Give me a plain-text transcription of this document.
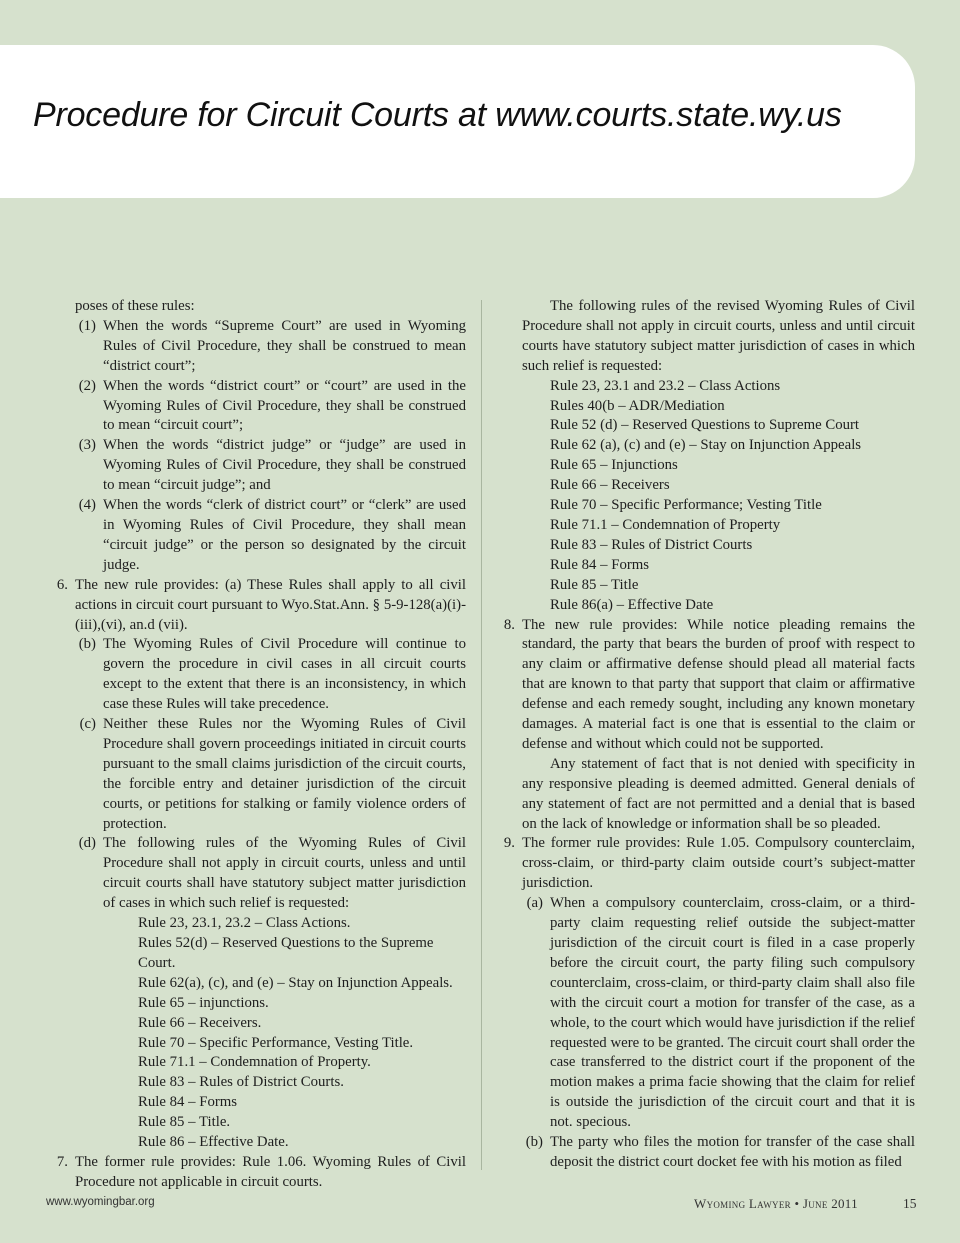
Procedure for Circuit Courts at www.courts.state.wy.us

poses of these rules:

(1) When the words “Supreme Court” are used in Wyoming Rules of Civil Procedure, they shall be construed to mean “district court”;
(2) When the words “district court” or “court” are used in the Wyoming Rules of Civil Procedure, they shall be construed to mean “circuit court”;
(3) When the words “district judge” or “judge” are used in Wyoming Rules of Civil Procedure, they shall be construed to mean “circuit judge”; and
(4) When the words “clerk of district court” or “clerk” are used in Wyoming Rules of Civil Procedure, they shall mean “circuit judge” or the person so designated by the circuit judge.
6. The new rule provides: (a) These Rules shall apply to all civil actions in circuit court pursuant to Wyo.Stat.Ann. § 5-9-128(a)(i)-(iii),(vi), an.d (vii).
(b) The Wyoming Rules of Civil Procedure will continue to govern the procedure in civil cases in all circuit courts except to the extent that there is an inconsistency, in which case these Rules will take precedence.
(c) Neither these Rules nor the Wyoming Rules of Civil Procedure shall govern proceedings initiated in circuit courts pursuant to the small claims jurisdiction of the circuit courts, the forcible entry and detainer jurisdiction of the circuit courts, or petitions for stalking or family violence orders of protection.
(d) The following rules of the Wyoming Rules of Civil Procedure shall not apply in circuit courts, unless and until circuit courts shall have statutory subject matter jurisdiction of cases in which such relief is requested:

Rule 23, 23.1, 23.2 – Class Actions.

Rules 52(d) – Reserved Questions to the Supreme Court.

Rule 62(a), (c), and (e) – Stay on Injunction Appeals.

Rule 65 – injunctions.

Rule 66 – Receivers.

Rule 70 – Specific Performance, Vesting Title.

Rule 71.1 – Condemnation of Property.

Rule 83 – Rules of District Courts.

Rule 84 – Forms

Rule 85 – Title.

Rule 86 – Effective Date.

7. The former rule provides: Rule 1.06. Wyoming Rules of Civil Procedure not applicable in circuit courts.

The following rules of the revised Wyoming Rules of Civil Procedure shall not apply in circuit courts, unless and until circuit courts have statutory subject matter jurisdiction of cases in which such relief is requested:

Rule 23, 23.1 and 23.2 – Class Actions

Rules 40(b – ADR/Mediation

Rule 52 (d) – Reserved Questions to Supreme Court

Rule 62 (a), (c) and (e) – Stay on Injunction Appeals

Rule 65 – Injunctions

Rule 66 – Receivers

Rule 70 – Specific Performance; Vesting Title

Rule 71.1 – Condemnation of Property

Rule 83 – Rules of District Courts

Rule 84 – Forms

Rule 85 – Title

Rule 86(a) – Effective Date

8. The new rule provides: While notice pleading remains the standard, the party that bears the burden of proof with respect to any claim or affirmative defense should plead all material facts that are known to that party that support that claim or affirmative defense and each remedy sought, including any known monetary damages. A material fact is one that is essential to the claim or defense and without which could not be supported.
Any statement of fact that is not denied with specificity in any responsive pleading is deemed admitted. General denials of any statement of fact are not permitted and a denial that is based on the lack of knowledge or information shall be so pleaded.
9. The former rule provides: Rule 1.05. Compulsory counterclaim, cross-claim, or third-party claim outside court’s subject-matter jurisdiction.
(a) When a compulsory counterclaim, cross-claim, or a third-party claim requesting relief outside the subject-matter jurisdiction of the circuit court is filed in a case properly before the circuit court, the party filing such compulsory counterclaim, cross-claim, or third-party claim shall also file with the circuit court a motion for transfer of the case, as a whole, to the court which would have jurisdiction if the relief requested were to be granted. The circuit court shall order the case transferred to the district court if the proponent of the motion makes a prima facie showing that the claim for relief is outside the jurisdiction of the circuit court and that it is not. specious.
(b) The party who files the motion for transfer of the case shall deposit the district court docket fee with his motion as filed
www.wyomingbar.org	Wyoming Lawyer • June 2011	15
